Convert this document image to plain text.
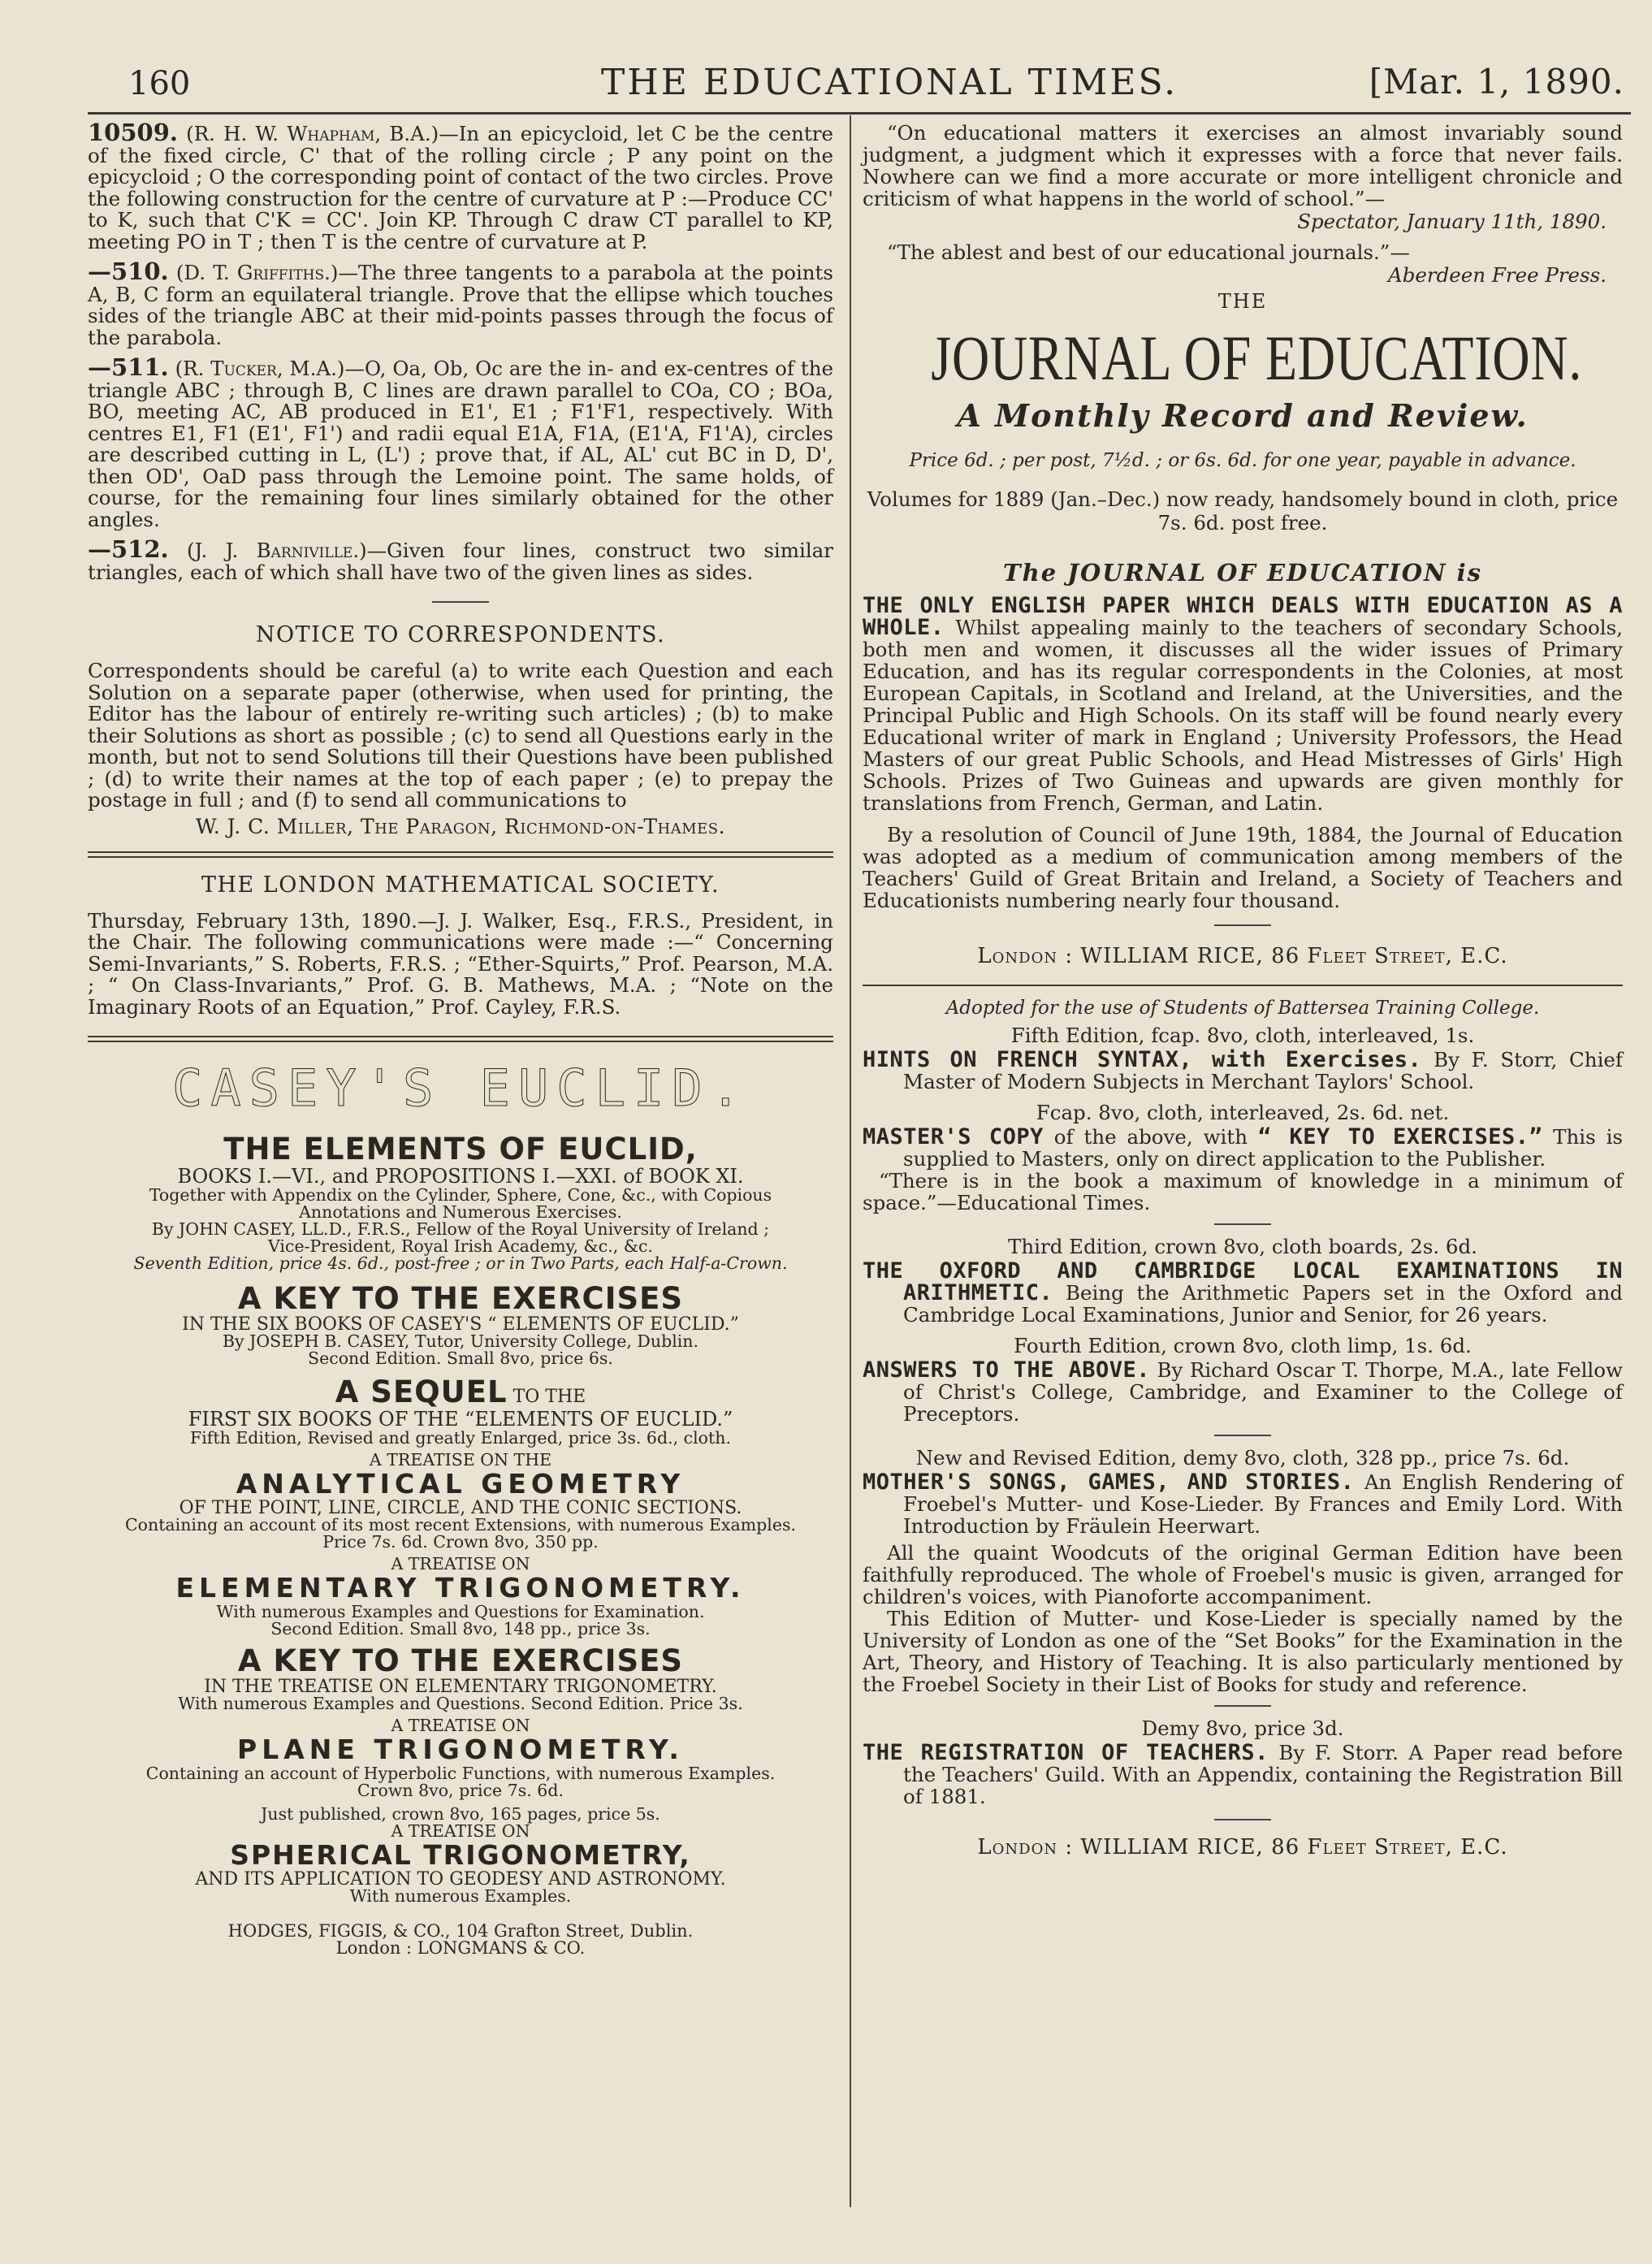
160	THE EDUCATIONAL TIMES.	[Mar. 1, 1890.

10509. (R. H. W. Whapham, B.A.)—In an epicycloid, let C be the centre of the fixed circle, C' that of the rolling circle ; P any point on the epicycloid ; O the corresponding point of contact of the two circles. Prove the following construction for the centre of curvature at P :—Produce CC' to K, such that C'K = CC'. Join KP. Through C draw CT parallel to KP, meeting PO in T ; then T is the centre of curvature at P.

—510. (D. T. Griffiths.)—The three tangents to a parabola at the points A, B, C form an equilateral triangle. Prove that the ellipse which touches sides of the triangle ABC at their mid-points passes through the focus of the parabola.

—511. (R. Tucker, M.A.)—O, Oa, Ob, Oc are the in- and ex-centres of the triangle ABC ; through B, C lines are drawn parallel to COa, CO ; BOa, BO, meeting AC, AB produced in E1', E1 ; F1'F1, respectively. With centres E1, F1 (E1', F1') and radii equal E1A, F1A, (E1'A, F1'A), circles are described cutting in L, (L') ; prove that, if AL, AL' cut BC in D, D', then OD', OaD pass through the Lemoine point. The same holds, of course, for the remaining four lines similarly obtained for the other angles.

—512. (J. J. Barniville.)—Given four lines, construct two similar triangles, each of which shall have two of the given lines as sides.

NOTICE TO CORRESPONDENTS.

Correspondents should be careful (a) to write each Question and each Solution on a separate paper (otherwise, when used for printing, the Editor has the labour of entirely re-writing such articles) ; (b) to make their Solutions as short as possible ; (c) to send all Questions early in the month, but not to send Solutions till their Questions have been published ; (d) to write their names at the top of each paper ; (e) to prepay the postage in full ; and (f) to send all communications to

W. J. C. Miller, The Paragon, Richmond-on-Thames.

THE LONDON MATHEMATICAL SOCIETY.

Thursday, February 13th, 1890.—J. J. Walker, Esq., F.R.S., President, in the Chair. The following communications were made :—“ Concerning Semi-Invariants,” S. Roberts, F.R.S. ; “Ether-Squirts,” Prof. Pearson, M.A. ; “ On Class-Invariants,” Prof. G. B. Mathews, M.A. ; “Note on the Imaginary Roots of an Equation,” Prof. Cayley, F.R.S.

CASEY'S EUCLID.

THE ELEMENTS OF EUCLID,

BOOKS I.—VI., and PROPOSITIONS I.—XXI. of BOOK XI.

Together with Appendix on the Cylinder, Sphere, Cone, &c., with Copious

Annotations and Numerous Exercises.

By JOHN CASEY, LL.D., F.R.S., Fellow of the Royal University of Ireland ;

Vice-President, Royal Irish Academy, &c., &c.

Seventh Edition, price 4s. 6d., post-free ; or in Two Parts, each Half-a-Crown.

A KEY TO THE EXERCISES

IN THE SIX BOOKS OF CASEY'S “ ELEMENTS OF EUCLID.”

By JOSEPH B. CASEY, Tutor, University College, Dublin.

Second Edition. Small 8vo, price 6s.

A SEQUEL TO THE

FIRST SIX BOOKS OF THE “ELEMENTS OF EUCLID.”

Fifth Edition, Revised and greatly Enlarged, price 3s. 6d., cloth.

A TREATISE ON THE

ANALYTICAL GEOMETRY

OF THE POINT, LINE, CIRCLE, AND THE CONIC SECTIONS.

Containing an account of its most recent Extensions, with numerous Examples.

Price 7s. 6d. Crown 8vo, 350 pp.

A TREATISE ON

ELEMENTARY TRIGONOMETRY.

With numerous Examples and Questions for Examination.

Second Edition. Small 8vo, 148 pp., price 3s.

A KEY TO THE EXERCISES

IN THE TREATISE ON ELEMENTARY TRIGONOMETRY.

With numerous Examples and Questions. Second Edition. Price 3s.

A TREATISE ON

PLANE TRIGONOMETRY.

Containing an account of Hyperbolic Functions, with numerous Examples.

Crown 8vo, price 7s. 6d.

Just published, crown 8vo, 165 pages, price 5s.

A TREATISE ON

SPHERICAL TRIGONOMETRY,

AND ITS APPLICATION TO GEODESY AND ASTRONOMY.

With numerous Examples.

HODGES, FIGGIS, & CO., 104 Grafton Street, Dublin.

London : LONGMANS & CO.

“On educational matters it exercises an almost invariably sound judgment, a judgment which it expresses with a force that never fails. Nowhere can we find a more accurate or more intelligent chronicle and criticism of what happens in the world of school.”—

Spectator, January 11th, 1890.

“The ablest and best of our educational journals.”—

Aberdeen Free Press.

THE

JOURNAL OF EDUCATION.

A Monthly Record and Review.

Price 6d. ; per post, 7½d. ; or 6s. 6d. for one year, payable in advance.

Volumes for 1889 (Jan.–Dec.) now ready, handsomely bound in cloth, price 7s. 6d. post free.

The JOURNAL OF EDUCATION is

THE ONLY ENGLISH PAPER WHICH DEALS WITH EDUCATION AS A WHOLE. Whilst appealing mainly to the teachers of secondary Schools, both men and women, it discusses all the wider issues of Primary Education, and has its regular correspondents in the Colonies, at most European Capitals, in Scotland and Ireland, at the Universities, and the Principal Public and High Schools. On its staff will be found nearly every Educational writer of mark in England ; University Professors, the Head Masters of our great Public Schools, and Head Mistresses of Girls' High Schools. Prizes of Two Guineas and upwards are given monthly for translations from French, German, and Latin.

By a resolution of Council of June 19th, 1884, the Journal of Education was adopted as a medium of communication among members of the Teachers' Guild of Great Britain and Ireland, a Society of Teachers and Educationists numbering nearly four thousand.

London : WILLIAM RICE, 86 Fleet Street, E.C.

Adopted for the use of Students of Battersea Training College.

Fifth Edition, fcap. 8vo, cloth, interleaved, 1s.

HINTS ON FRENCH SYNTAX, with Exercises. By F. Storr, Chief Master of Modern Subjects in Merchant Taylors' School.

Fcap. 8vo, cloth, interleaved, 2s. 6d. net.

MASTER'S COPY of the above, with “ KEY TO EXERCISES.” This is supplied to Masters, only on direct application to the Publisher.

“There is in the book a maximum of knowledge in a minimum of space.”—Educational Times.

Third Edition, crown 8vo, cloth boards, 2s. 6d.

THE OXFORD AND CAMBRIDGE LOCAL EXAMINATIONS IN ARITHMETIC. Being the Arithmetic Papers set in the Oxford and Cambridge Local Examinations, Junior and Senior, for 26 years.

Fourth Edition, crown 8vo, cloth limp, 1s. 6d.

ANSWERS TO THE ABOVE. By Richard Oscar T. Thorpe, M.A., late Fellow of Christ's College, Cambridge, and Examiner to the College of Preceptors.

New and Revised Edition, demy 8vo, cloth, 328 pp., price 7s. 6d.

MOTHER'S SONGS, GAMES, AND STORIES. An English Rendering of Froebel's Mutter- und Kose-Lieder. By Frances and Emily Lord. With Introduction by Fräulein Heerwart.

All the quaint Woodcuts of the original German Edition have been faithfully reproduced. The whole of Froebel's music is given, arranged for children's voices, with Pianoforte accompaniment.

This Edition of Mutter- und Kose-Lieder is specially named by the University of London as one of the “Set Books” for the Examination in the Art, Theory, and History of Teaching. It is also particularly mentioned by the Froebel Society in their List of Books for study and reference.

Demy 8vo, price 3d.

THE REGISTRATION OF TEACHERS. By F. Storr. A Paper read before the Teachers' Guild. With an Appendix, containing the Registration Bill of 1881.

London : WILLIAM RICE, 86 Fleet Street, E.C.
